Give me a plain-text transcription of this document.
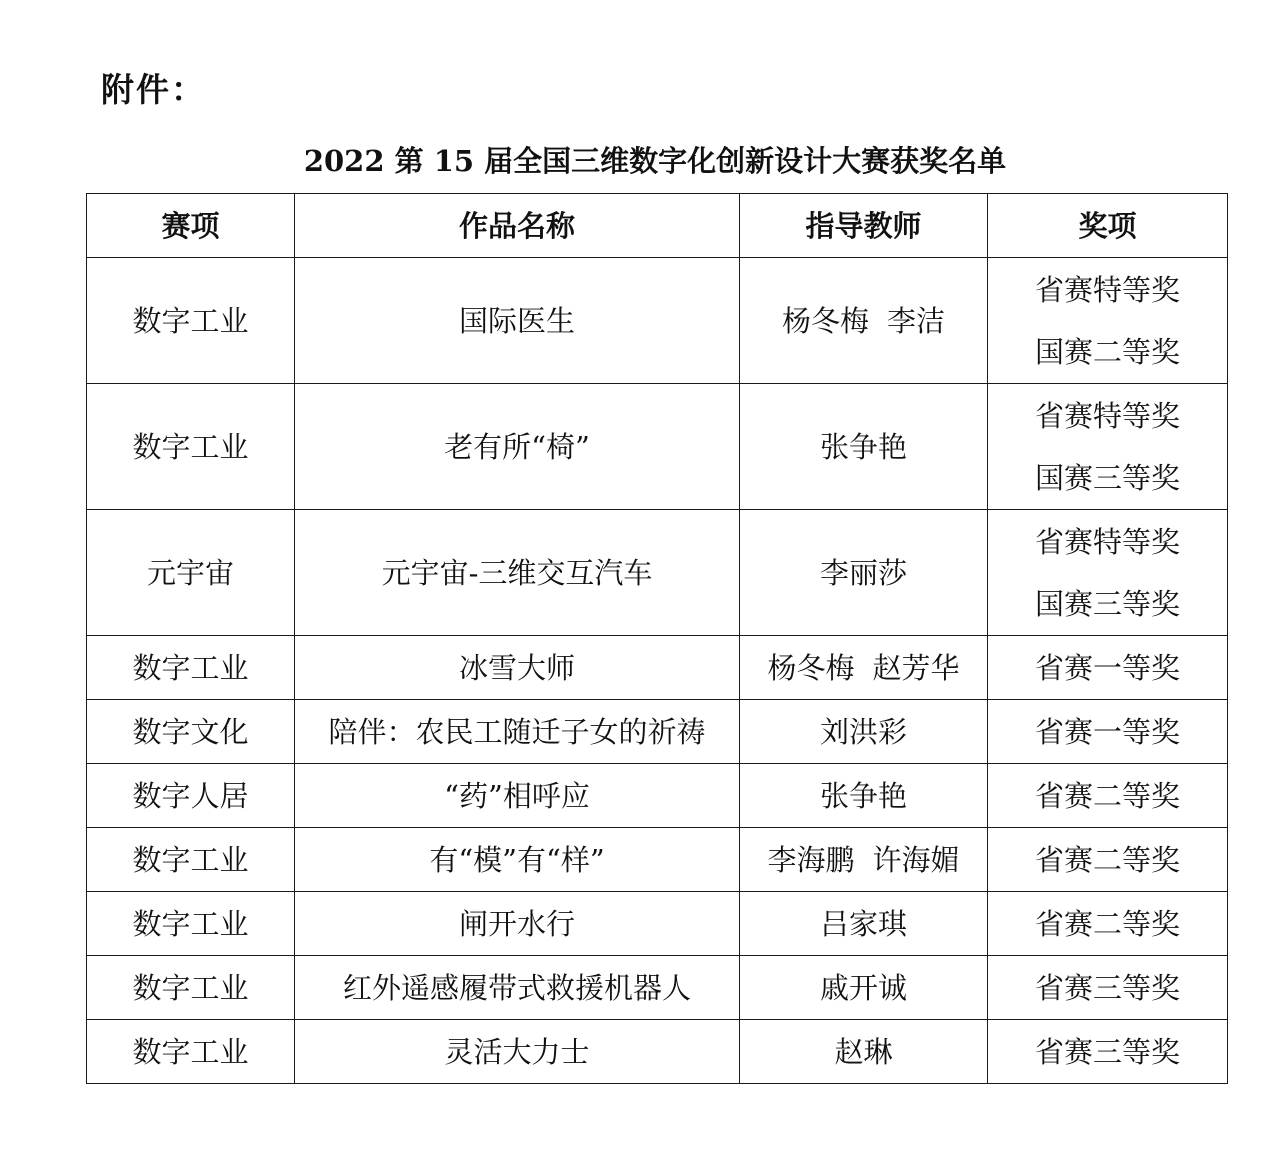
附件：
2022 第 15 届全国三维数字化创新设计大赛获奖名单
赛项	作品名称	指导教师	奖项
数字工业	国际医生	杨冬梅 李洁	省赛特等奖
国赛二等奖

数字工业	老有所“椅”	张争艳	省赛特等奖
国赛三等奖

元宇宙	元宇宙-三维交互汽车	李丽莎	省赛特等奖
国赛三等奖

数字工业	冰雪大师	杨冬梅 赵芳华	省赛一等奖
数字文化	陪伴：农民工随迁子女的祈祷	刘洪彩	省赛一等奖
数字人居	“药”相呼应	张争艳	省赛二等奖
数字工业	有“模”有“样”	李海鹏 许海媚	省赛二等奖
数字工业	闸开水行	吕家琪	省赛二等奖
数字工业	红外遥感履带式救援机器人	戚开诚	省赛三等奖
数字工业	灵活大力士	赵琳	省赛三等奖
